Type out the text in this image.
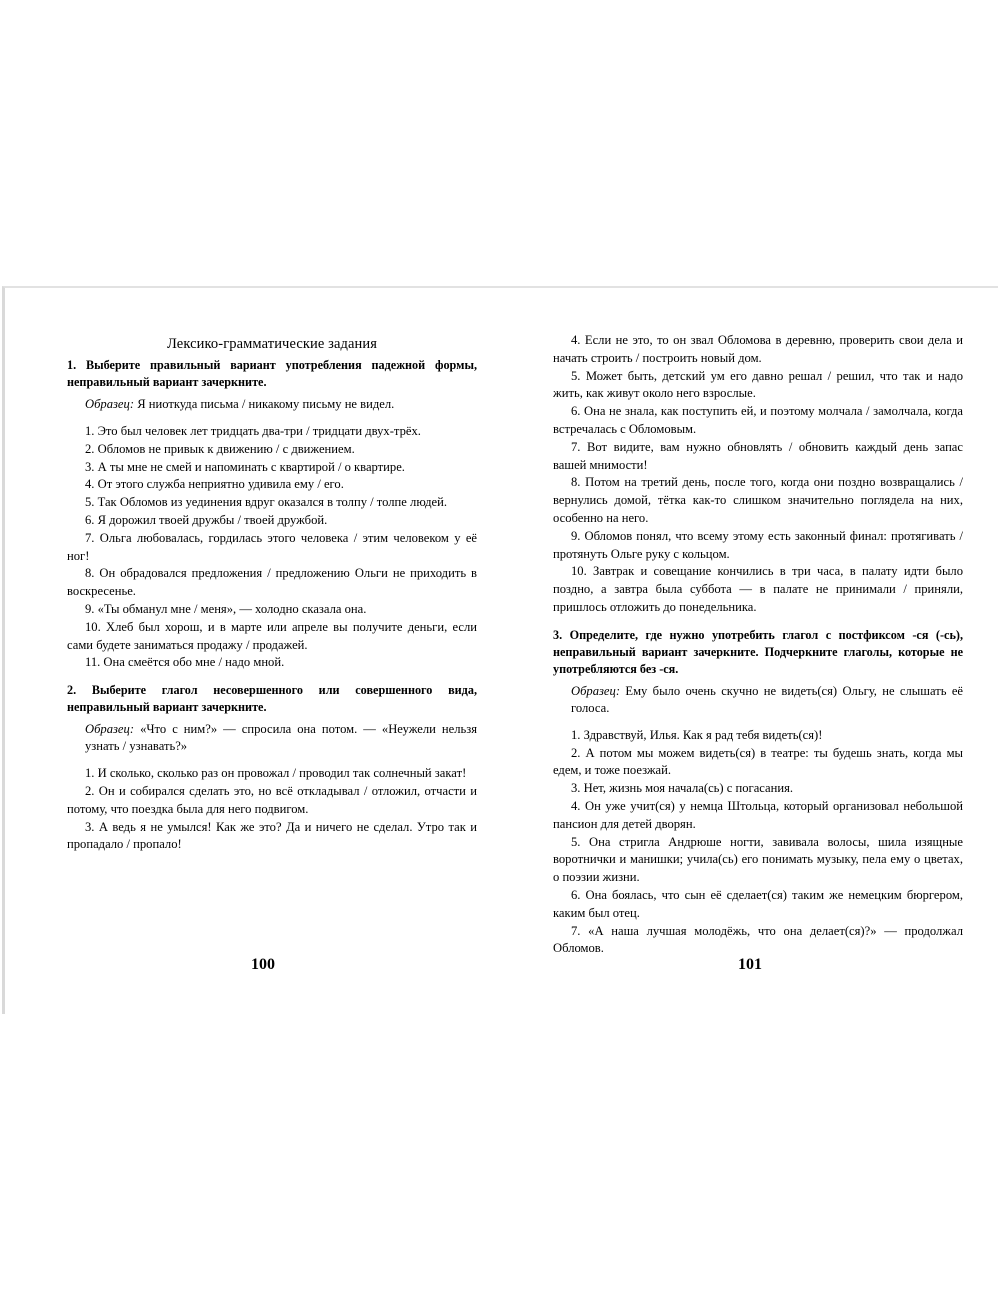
Лексико-грамматические задания

1. Выберите правильный вариант употребления падежной формы, неправильный вариант зачеркните.

Образец: Я ниоткуда письма / никакому письму не видел.

1. Это был человек лет тридцать два-три / тридцати двух-трёх.

2. Обломов не привык к движению / с движением.

3. А ты мне не смей и напоминать с квартирой / о квартире.

4. От этого служба неприятно удивила ему / его.

5. Так Обломов из уединения вдруг оказался в толпу / толпе людей.

6. Я дорожил твоей дружбы / твоей дружбой.

7. Ольга любовалась, гордилась этого человека / этим человеком у её ног!

8. Он обрадовался предложения / предложению Ольги не приходить в воскресенье.

9. «Ты обманул мне / меня», — холодно сказала она.

10. Хлеб был хорош, и в марте или апреле вы получите деньги, если сами будете заниматься продажу / продажей.

11. Она смеётся обо мне / надо мной.

2. Выберите глагол несовершенного или совершенного вида, неправильный вариант зачеркните.

Образец: «Что с ним?» — спросила она потом. — «Неужели нельзя узнать / узнавать?»

1. И сколько, сколько раз он провожал / проводил так солнечный закат!

2. Он и собирался сделать это, но всё откладывал / отложил, отчасти и потому, что поездка была для него подвигом.

3. А ведь я не умылся! Как же это? Да и ничего не сделал. Утро так и пропадало / пропало!

100

4. Если не это, то он звал Обломова в деревню, проверить свои дела и начать строить / построить новый дом.

5. Может быть, детский ум его давно решал / решил, что так и надо жить, как живут около него взрослые.

6. Она не знала, как поступить ей, и поэтому молчала / замолчала, когда встречалась с Обломовым.

7. Вот видите, вам нужно обновлять / обновить каждый день запас вашей мнимости!

8. Потом на третий день, после того, когда они поздно возвращались / вернулись домой, тётка как-то слишком значительно поглядела на них, особенно на него.

9. Обломов понял, что всему этому есть законный финал: протягивать / протянуть Ольге руку с кольцом.

10. Завтрак и совещание кончились в три часа, в палату идти было поздно, а завтра была суббота — в палате не принимали / приняли, пришлось отложить до понедельника.

3. Определите, где нужно употребить глагол с постфиксом -ся (-сь), неправильный вариант зачеркните. Подчеркните глаголы, которые не употребляются без -ся.

Образец: Ему было очень скучно не видеть(ся) Ольгу, не слышать её голоса.

1. Здравствуй, Илья. Как я рад тебя видеть(ся)!

2. А потом мы можем видеть(ся) в театре: ты будешь знать, когда мы едем, и тоже поезжай.

3. Нет, жизнь моя начала(сь) с погасания.

4. Он уже учит(ся) у немца Штольца, который организовал небольшой пансион для детей дворян.

5. Она стригла Андрюше ногти, завивала волосы, шила изящные воротнички и манишки; учила(сь) его понимать музыку, пела ему о цветах, о поэзии жизни.

6. Она боялась, что сын её сделает(ся) таким же немецким бюргером, каким был отец.

7. «А наша лучшая молодёжь, что она делает(ся)?» — продолжал Обломов.

101
